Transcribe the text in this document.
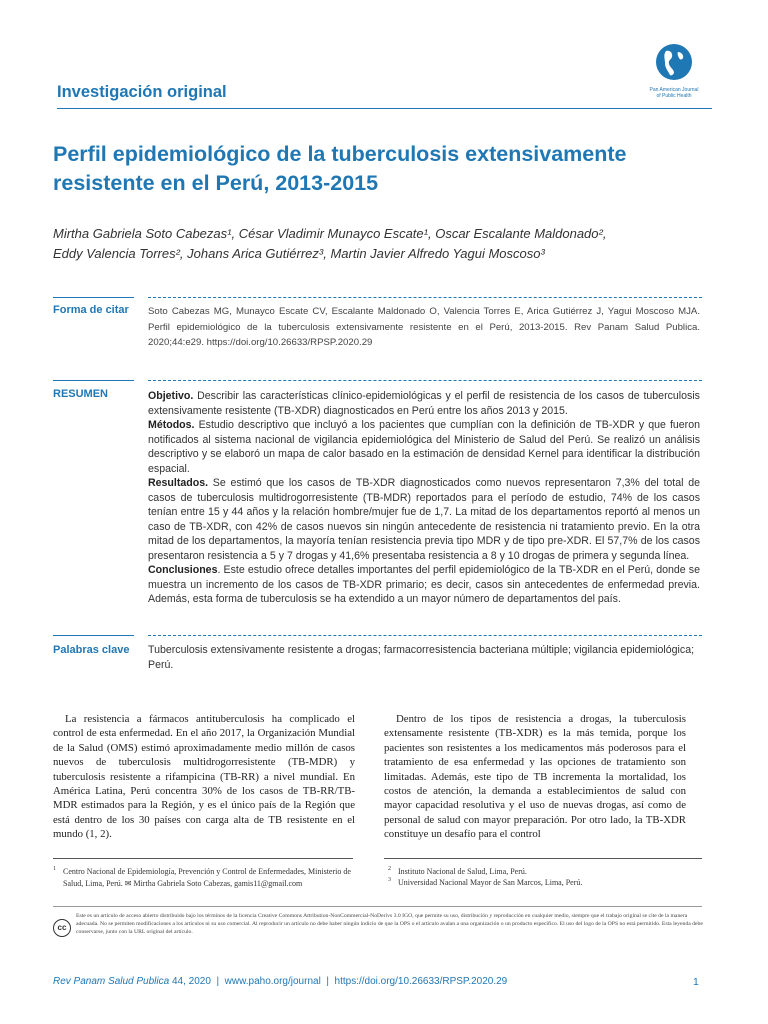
Investigación original	Pan American Journal
of Public Health
Perfil epidemiológico de la tuberculosis extensivamente resistente en el Perú, 2013-2015
Mirtha Gabriela Soto Cabezas¹, César Vladimir Munayco Escate¹, Oscar Escalante Maldonado²,
Eddy Valencia Torres², Johans Arica Gutiérrez³, Martin Javier Alfredo Yagui Moscoso³
Forma de citar Soto Cabezas MG, Munayco Escate CV, Escalante Maldonado O, Valencia Torres E, Arica Gutiérrez J, Yagui Moscoso MJA. Perfil epidemiológico de la tuberculosis extensivamente resistente en el Perú, 2013-2015. Rev Panam Salud Publica. 2020;44:e29. https://doi.org/10.26633/RPSP.2020.29
RESUMEN	Objetivo. Describir las características clínico-epidemiológicas y el perfil de resistencia de los casos de tuberculosis extensivamente resistente (TB-XDR) diagnosticados en Perú entre los años 2013 y 2015.
Métodos. Estudio descriptivo que incluyó a los pacientes que cumplían con la definición de TB-XDR y que fueron notificados al sistema nacional de vigilancia epidemiológica del Ministerio de Salud del Perú. Se realizó un análisis descriptivo y se elaboró un mapa de calor basado en la estimación de densidad Kernel para identificar la distribución espacial.
Resultados. Se estimó que los casos de TB-XDR diagnosticados como nuevos representaron 7,3% del total de casos de tuberculosis multidrogorresistente (TB-MDR) reportados para el período de estudio, 74% de los casos tenían entre 15 y 44 años y la relación hombre/mujer fue de 1,7. La mitad de los departamentos reportó al menos un caso de TB-XDR, con 42% de casos nuevos sin ningún antecedente de resistencia ni tratamiento previo. En la otra mitad de los departamentos, la mayoría tenían resistencia previa tipo MDR y de tipo pre-XDR. El 57,7% de los casos presentaron resistencia a 5 y 7 drogas y 41,6% presentaba resistencia a 8 y 10 drogas de primera y segunda línea.
Conclusiones. Este estudio ofrece detalles importantes del perfil epidemiológico de la TB-XDR en el Perú, donde se muestra un incremento de los casos de TB-XDR primario; es decir, casos sin antecedentes de enfermedad previa. Además, esta forma de tuberculosis se ha extendido a un mayor número de departamentos del país.
Palabras clave Tuberculosis extensivamente resistente a drogas; farmacorresistencia bacteriana múltiple; vigilancia epidemiológica; Perú.

La resistencia a fármacos antituberculosis ha complicado el control de esta enfermedad. En el año 2017, la Organización Mundial de la Salud (OMS) estimó aproximadamente medio millón de casos nuevos de tuberculosis multidrogorresistente (TB-MDR) y tuberculosis resistente a rifampicina (TB-RR) a nivel mundial. En América Latina, Perú concentra 30% de los casos de TB-RR/TB-MDR estimados para la Región, y es el único país de la Región que está dentro de los 30 países con carga alta de TB resistente en el mundo (1, 2).

Dentro de los tipos de resistencia a drogas, la tuberculosis extensamente resistente (TB-XDR) es la más temida, porque los pacientes son resistentes a los medicamentos más poderosos para el tratamiento de esa enfermedad y las opciones de tratamiento son limitadas. Además, este tipo de TB incrementa la mortalidad, los costos de atención, la demanda a establecimientos de salud con mayor capacidad resolutiva y el uso de nuevas drogas, así como de personal de salud con mayor preparación. Por otro lado, la TB-XDR constituye un desafío para el control

1 Centro Nacional de Epidemiología, Prevención y Control de Enfermedades, Ministerio de Salud, Lima, Perú. ✉ Mirtha Gabriela Soto Cabezas, gamis11@gmail.com
2 Instituto Nacional de Salud, Lima, Perú.
3 Universidad Nacional Mayor de San Marcos, Lima, Perú.
cc
Este es un artículo de acceso abierto distribuido bajo los términos de la licencia Creative Commons Attribution-NonCommercial-NoDerivs 3.0 IGO, que permite su uso, distribución y reproducción en cualquier medio, siempre que el trabajo original se cite de la manera adecuada. No se permiten modificaciones a los artículos ni su uso comercial. Al reproducir un artículo no debe haber ningún indicio de que la OPS o el artículo avalan a una organización o un producto específico. El uso del logo de la OPS no está permitido. Esta leyenda debe conservarse, junto con la URL original del artículo.
Rev Panam Salud Publica 44, 2020  |  www.paho.org/journal  |  https://doi.org/10.26633/RPSP.2020.29	1
